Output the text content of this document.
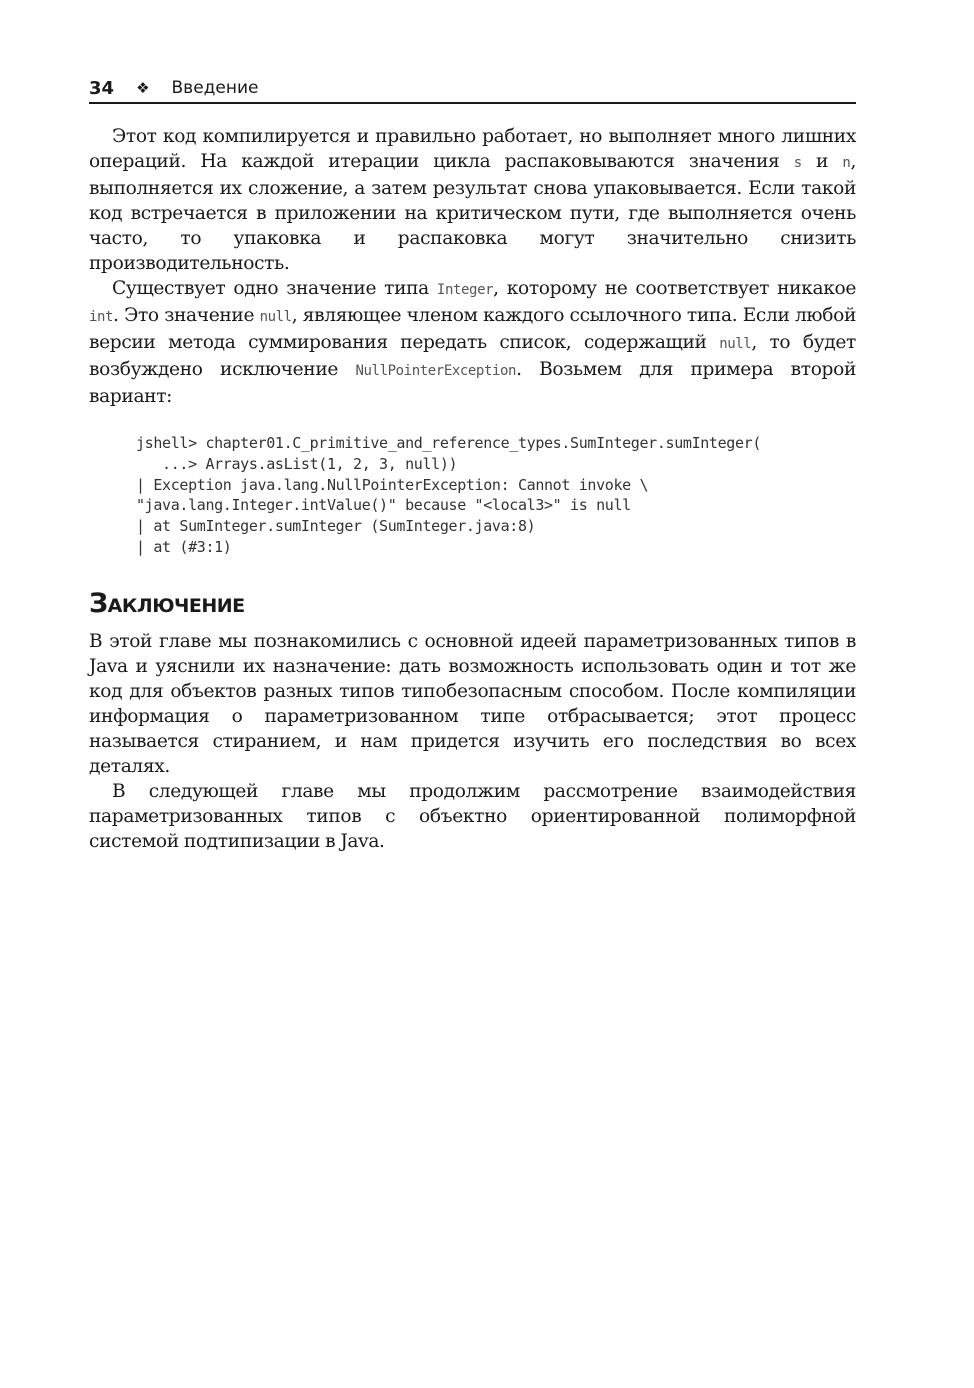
34 ❖ Введение

Этот код компилируется и правильно работает, но выполняет много лишних операций. На каждой итерации цикла распаковываются значения s и n, выполняется их сложение, а затем результат снова упаковывается. Если такой код встречается в приложении на критическом пути, где выполняется очень часто, то упаковка и распаковка могут значительно снизить производительность.

Существует одно значение типа Integer, которому не соответствует никакое int. Это значение null, являющее членом каждого ссылочного типа. Если любой версии метода суммирования передать список, содержащий null, то будет возбуждено исключение NullPointerException. Возьмем для примера второй вариант:

jshell> chapter01.C_primitive_and_reference_types.SumInteger.sumInteger(
...> Arrays.asList(1, 2, 3, null))
| Exception java.lang.NullPointerException: Cannot invoke \
"java.lang.Integer.intValue()" because "<local3>" is null
| at SumInteger.sumInteger (SumInteger.java:8)
| at (#3:1)
Заключение

В этой главе мы познакомились с основной идеей параметризованных типов в Java и уяснили их назначение: дать возможность использовать один и тот же код для объектов разных типов типобезопасным способом. После компиляции информация о параметризованном типе отбрасывается; этот процесс называется стиранием, и нам придется изучить его последствия во всех деталях.

В следующей главе мы продолжим рассмотрение взаимодействия параметризованных типов с объектно ориентированной полиморфной системой подтипизации в Java.
